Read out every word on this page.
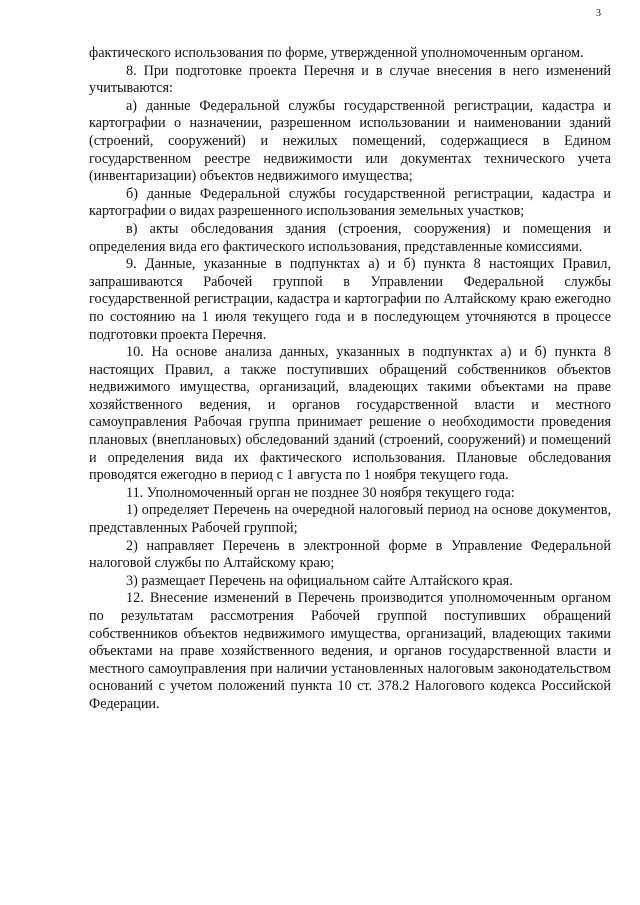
3

фактического использования по форме, утвержденной уполномоченным органом.

8. При подготовке проекта Перечня и в случае внесения в него изменений учитываются:

а) данные Федеральной службы государственной регистрации, кадастра и картографии о назначении, разрешенном использовании и наименовании зданий (строений, сооружений) и нежилых помещений, содержащиеся в Едином государственном реестре недвижимости или документах технического учета (инвентаризации) объектов недвижимого имущества;

б) данные Федеральной службы государственной регистрации, кадастра и картографии о видах разрешенного использования земельных участков;

в) акты обследования здания (строения, сооружения) и помещения и определения вида его фактического использования, представленные комиссиями.

9. Данные, указанные в подпунктах а) и б) пункта 8 настоящих Правил, запрашиваются Рабочей группой в Управлении Федеральной службы государственной регистрации, кадастра и картографии по Алтайскому краю ежегодно по состоянию на 1 июля текущего года и в последующем уточняются в процессе подготовки проекта Перечня.

10. На основе анализа данных, указанных в подпунктах а) и б) пункта 8 настоящих Правил, а также поступивших обращений собственников объектов недвижимого имущества, организаций, владеющих такими объектами на праве хозяйственного ведения, и органов государственной власти и местного самоуправления Рабочая группа принимает решение о необходимости проведения плановых (внеплановых) обследований зданий (строений, сооружений) и помещений и определения вида их фактического использования. Плановые обследования проводятся ежегодно в период с 1 августа по 1 ноября текущего года.

11. Уполномоченный орган не позднее 30 ноября текущего года:

1) определяет Перечень на очередной налоговый период на основе документов, представленных Рабочей группой;

2) направляет Перечень в электронной форме в Управление Федеральной налоговой службы по Алтайскому краю;

3) размещает Перечень на официальном сайте Алтайского края.

12. Внесение изменений в Перечень производится уполномоченным органом по результатам рассмотрения Рабочей группой поступивших обращений собственников объектов недвижимого имущества, организаций, владеющих такими объектами на праве хозяйственного ведения, и органов государственной власти и местного самоуправления при наличии установленных налоговым законодательством оснований с учетом положений пункта 10 ст. 378.2 Налогового кодекса Российской Федерации.
